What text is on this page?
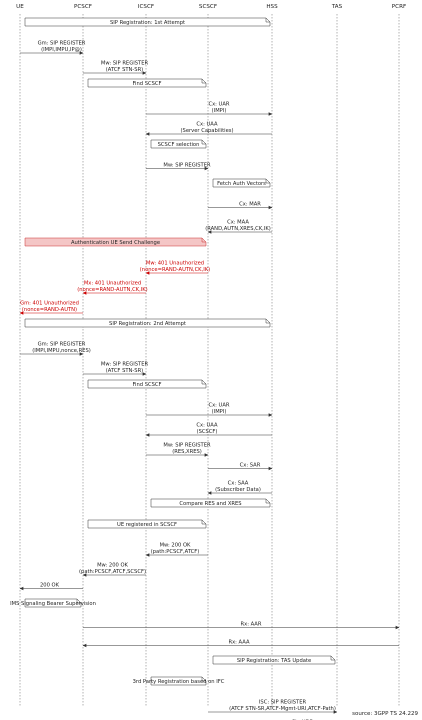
UE	PCSCF	ICSCF	SCSCF	HSS	TAS	PCRF
SIP Registration: 1st Attempt
Gm: SIP REGISTER
(IMPI,IMPU,IP@)
Mw: SIP REGISTER
(ATCF STN-SR)
Find SCSCF
Cx: UAR
(IMPI)
Cx: UAA
(Server Capabilities)
SCSCF selection
Mw: SIP REGISTER
Fetch Auth Vectors
Cx: MAR
Cx: MAA
(RAND,AUTN,XRES,CK,IK)
Authentication UE Send Challenge
Mw: 401 Unauthorized
(nonce=RAND-AUTN,CK,IK)
Mx: 401 Unauthorized
(nonce=RAND-AUTN,CK,IK)
Gm: 401 Unauthorized
(nonce=RAND-AUTN)
SIP Registration: 2nd Attempt
Gm: SIP REGISTER
(IMPI,IMPU,nonce,RES)
Mw: SIP REGISTER
(ATCF STN-SR)
Find SCSCF
Cx: UAR
(IMPI)
Cx: UAA
(SCSCF)
Mw: SIP REGISTER
(RES,XRES)
Cx: SAR
Cx: SAA
(Subscriber Data)
Compare RES and XRES
UE registered in SCSCF
Mw: 200 OK
(path:PCSCF,ATCF)
Mw: 200 OK
(path:PCSCF,ATCF,SCSCF)
200 OK
IMS Signaling Bearer Supervision
Rx: AAR
Rx: AAA
SIP Registration: TAS Update
3rd Party Registration based on IFC
ISC: SIP REGISTER
(ATCF STN-SR,ATCF-Mgmt-URI,ATCF-Path)
source: 3GPP TS 24.229
